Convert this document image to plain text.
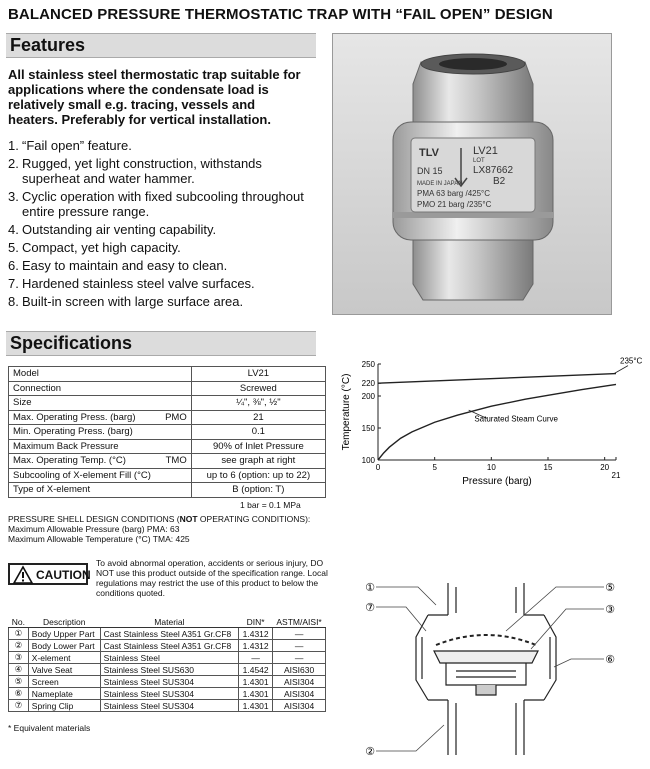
BALANCED PRESSURE THERMOSTATIC TRAP WITH “FAIL OPEN” DESIGN
Features
All stainless steel thermostatic trap suitable for applications where the condensate load is relatively small e.g. tracing, vessels and heaters. Preferably for vertical installation.
1. “Fail open” feature.
2. Rugged, yet light construction, withstands superheat and water hammer.
3. Cyclic operation with fixed subcooling throughout entire pressure range.
4. Outstanding air venting capability.
5. Compact, yet high capacity.
6. Easy to maintain and easy to clean.
7. Hardened stainless steel valve surfaces.
8. Built-in screen with large surface area.
TLV	LV21
LOT
LX87662
DN 15
B2
MADE IN JAPAN
PMA 63 barg /425°C
PMO 21 barg /235°C
Specifications
Model	LV21
Connection	Screwed
Size	¼", ⅜", ½"
Max. Operating Press. (barg) PMO	21
Min. Operating Press. (barg)	0.1
Maximum Back Pressure	90% of Inlet Pressure
Max. Operating Temp. (°C) TMO	see graph at right
Subcooling of X-element Fill (°C)	up to 6 (option: up to 22)
Type of X-element	B (option: T)
1 bar = 0.1 MPa
PRESSURE SHELL DESIGN CONDITIONS (NOT OPERATING CONDITIONS):
Maximum Allowable Pressure (barg) PMA: 63
Maximum Allowable Temperature (°C) TMA: 425
0	5	10	15	20
21
100
150
200
220
250
Saturated Steam Curve
235°C
Pressure (barg)
Temperature (°C)
CAUTION
To avoid abnormal operation, accidents or serious injury, DO NOT use this product outside of the specification range. Local regulations may restrict the use of this product to below the conditions quoted.
No.	Description	Material	DIN*	ASTM/AISI*
①	Body Upper Part	Cast Stainless Steel A351 Gr.CF8	1.4312	—
②	Body Lower Part	Cast Stainless Steel A351 Gr.CF8	1.4312	—
③	X-element	Stainless Steel	—	—
④	Valve Seat	Stainless Steel SUS630	1.4542	AISI630
⑤	Screen	Stainless Steel SUS304	1.4301	AISI304
⑥	Nameplate	Stainless Steel SUS304	1.4301	AISI304
⑦	Spring Clip	Stainless Steel SUS304	1.4301	AISI304
* Equivalent materials
①
⑦
⑤
③
⑥
②
